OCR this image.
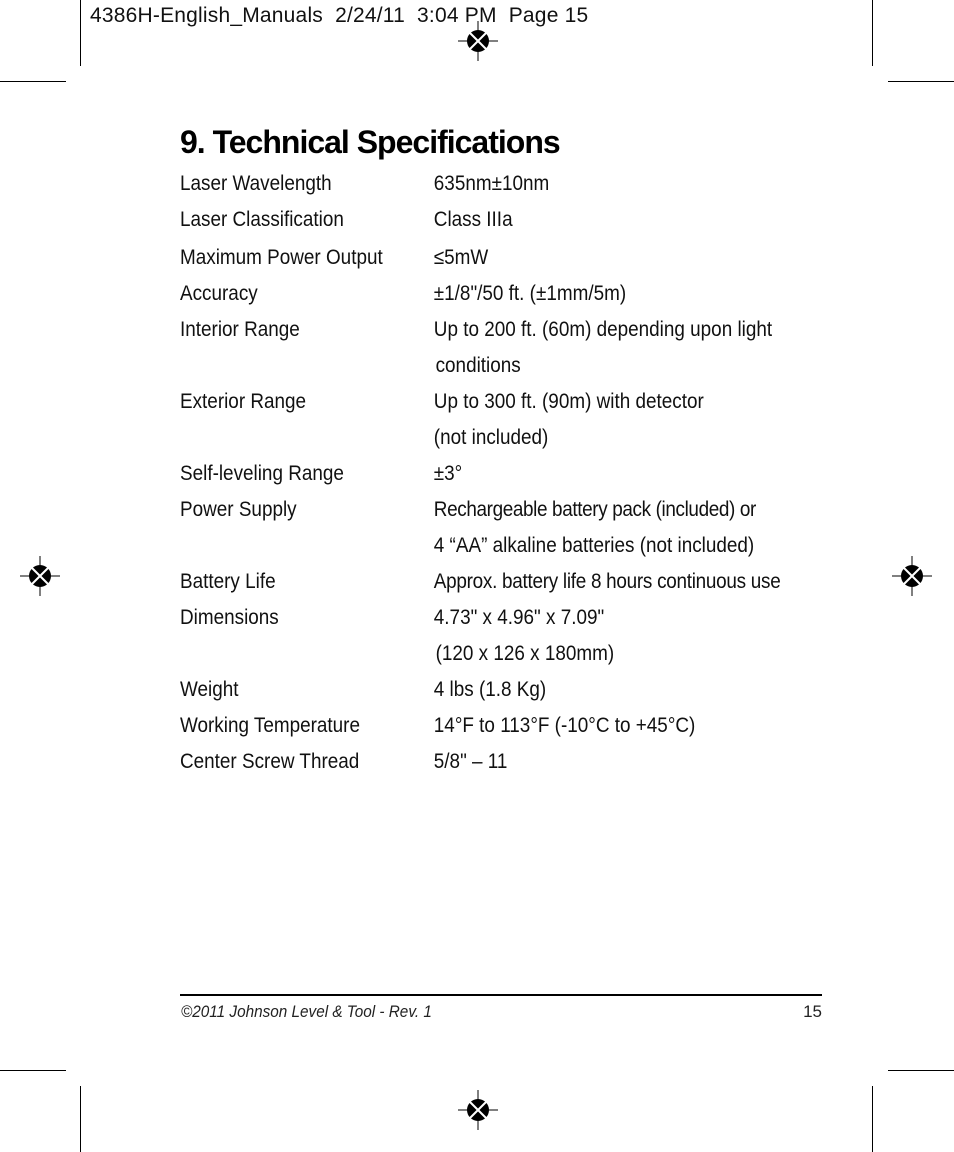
4386H-English_Manuals  2/24/11  3:04 PM  Page 15
9. Technical Specifications
Laser Wavelength	635nm±10nm
Laser Classification	Class IIIa
Maximum Power Output	≤5mW
Accuracy	±1/8"/50 ft. (±1mm/5m)
Interior Range	Up to 200 ft. (60m) depending upon light
conditions
Exterior Range	Up to 300 ft. (90m) with detector
(not included)
Self-leveling Range	±3°
Power Supply	Rechargeable battery pack (included) or
4 “AA” alkaline batteries (not included)
Battery Life	Approx. battery life 8 hours continuous use
Dimensions	4.73" x 4.96" x 7.09"
(120 x 126 x 180mm)
Weight	4 lbs (1.8 Kg)
Working Temperature	14°F to 113°F (-10°C to +45°C)
Center Screw Thread	5/8" – 11
©2011 Johnson Level & Tool - Rev. 1	15
